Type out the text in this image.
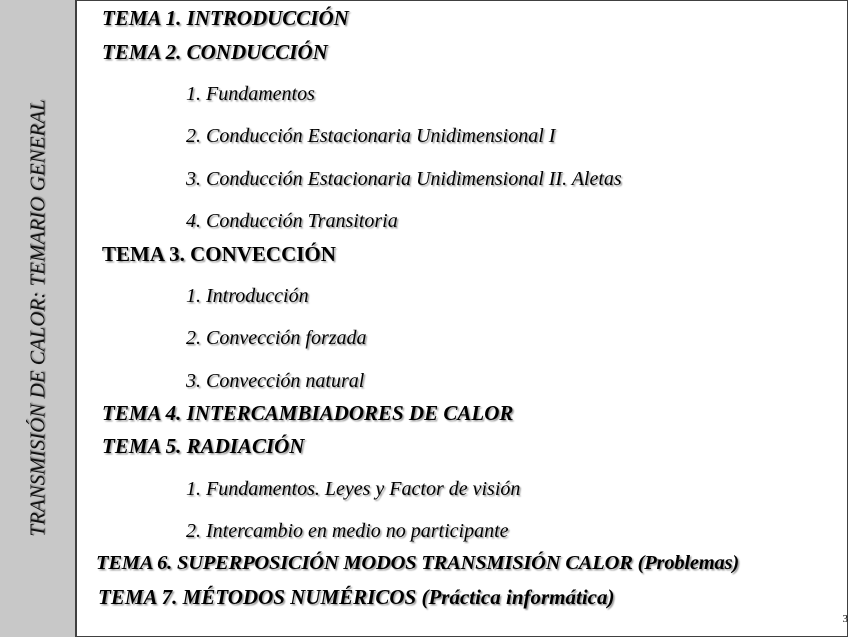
TRANSMISIÓN DE CALOR: TEMARIO GENERAL
TEMA 1. INTRODUCCIÓN
TEMA 2. CONDUCCIÓN
1. Fundamentos
2. Conducción Estacionaria Unidimensional I
3. Conducción Estacionaria Unidimensional II. Aletas
4. Conducción Transitoria
TEMA 3. CONVECCIÓN
1. Introducción
2. Convección forzada
3. Convección natural
TEMA 4. INTERCAMBIADORES DE CALOR
TEMA 5. RADIACIÓN
1. Fundamentos. Leyes y Factor de visión
2. Intercambio en medio no participante
TEMA 6. SUPERPOSICIÓN MODOS TRANSMISIÓN CALOR (Problemas)
TEMA 7. MÉTODOS NUMÉRICOS (Práctica informática)
3
